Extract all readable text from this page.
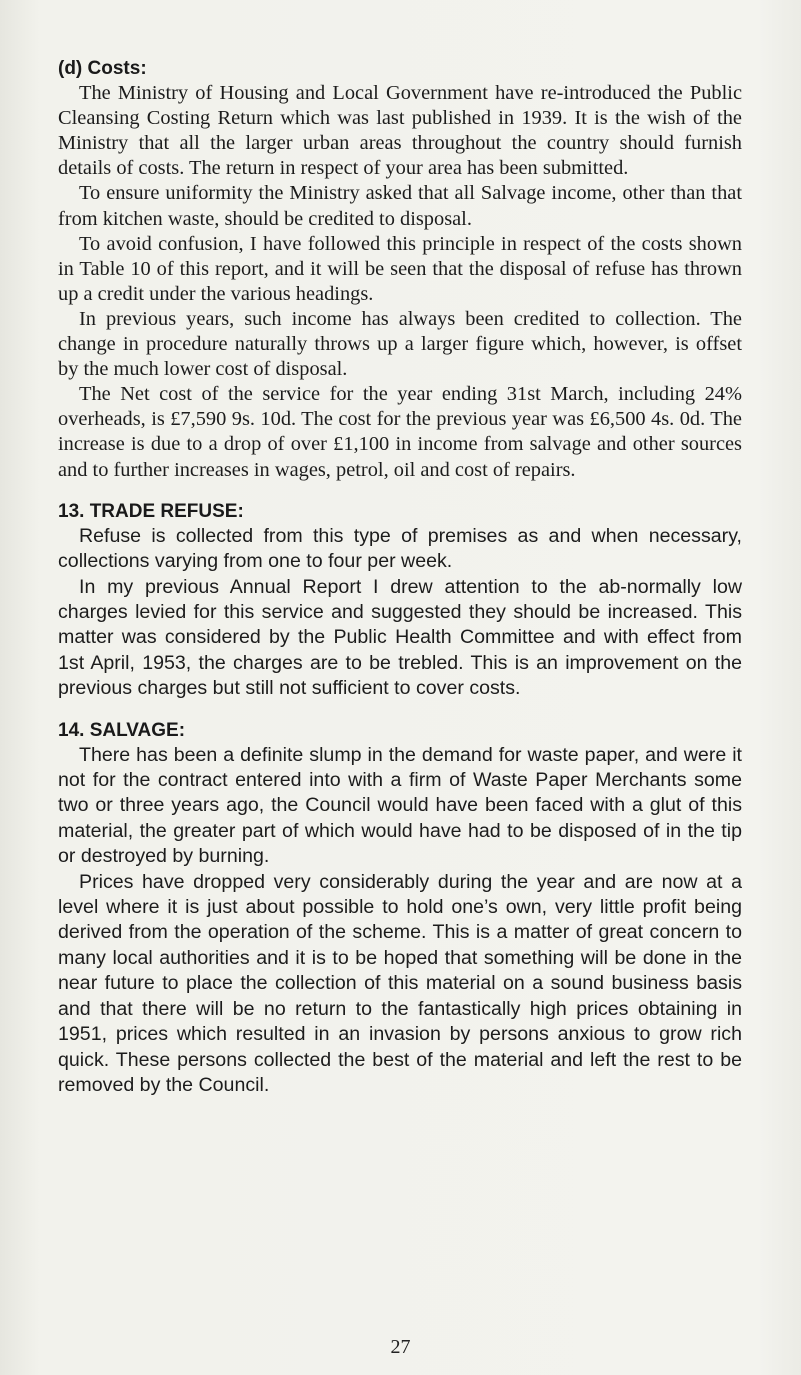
(d) Costs:

The Ministry of Housing and Local Government have re-introduced the Public Cleansing Costing Return which was last published in 1939. It is the wish of the Ministry that all the larger urban areas throughout the country should furnish details of costs. The return in respect of your area has been submitted.

To ensure uniformity the Ministry asked that all Salvage income, other than that from kitchen waste, should be credited to disposal.

To avoid confusion, I have followed this principle in respect of the costs shown in Table 10 of this report, and it will be seen that the disposal of refuse has thrown up a credit under the various headings.

In previous years, such income has always been credited to collection. The change in procedure naturally throws up a larger figure which, however, is offset by the much lower cost of disposal.

The Net cost of the service for the year ending 31st March, including 24% overheads, is £7,590 9s. 10d. The cost for the previous year was £6,500 4s. 0d. The increase is due to a drop of over £1,100 in income from salvage and other sources and to further increases in wages, petrol, oil and cost of repairs.

13. TRADE REFUSE:

Refuse is collected from this type of premises as and when necessary, collections varying from one to four per week.

In my previous Annual Report I drew attention to the ab-normally low charges levied for this service and suggested they should be increased. This matter was considered by the Public Health Committee and with effect from 1st April, 1953, the charges are to be trebled. This is an improvement on the previous charges but still not sufficient to cover costs.

14. SALVAGE:

There has been a definite slump in the demand for waste paper, and were it not for the contract entered into with a firm of Waste Paper Merchants some two or three years ago, the Council would have been faced with a glut of this material, the greater part of which would have had to be disposed of in the tip or destroyed by burning.

Prices have dropped very considerably during the year and are now at a level where it is just about possible to hold one’s own, very little profit being derived from the operation of the scheme. This is a matter of great concern to many local authorities and it is to be hoped that something will be done in the near future to place the collection of this material on a sound business basis and that there will be no return to the fantastically high prices obtaining in 1951, prices which resulted in an invasion by persons anxious to grow rich quick. These persons collected the best of the material and left the rest to be removed by the Council.

27
